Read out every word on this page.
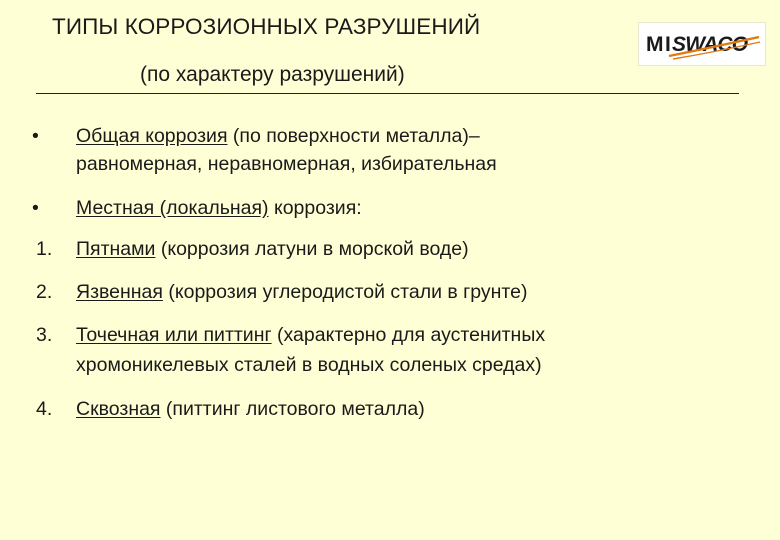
ТИПЫ КОРРОЗИОННЫХ РАЗРУШЕНИЙ
(по характеру разрушений)
M I SWACO
• Общая коррозия (по поверхности металла)–
равномерная, неравномерная, избирательная
• Местная (локальная) коррозия:
1. Пятнами (коррозия латуни в морской воде)
2. Язвенная (коррозия углеродистой стали в грунте)
3. Точечная или питтинг (характерно для аустенитных
хромоникелевых сталей в водных соленых средах)
4. Сквозная (питтинг листового металла)
